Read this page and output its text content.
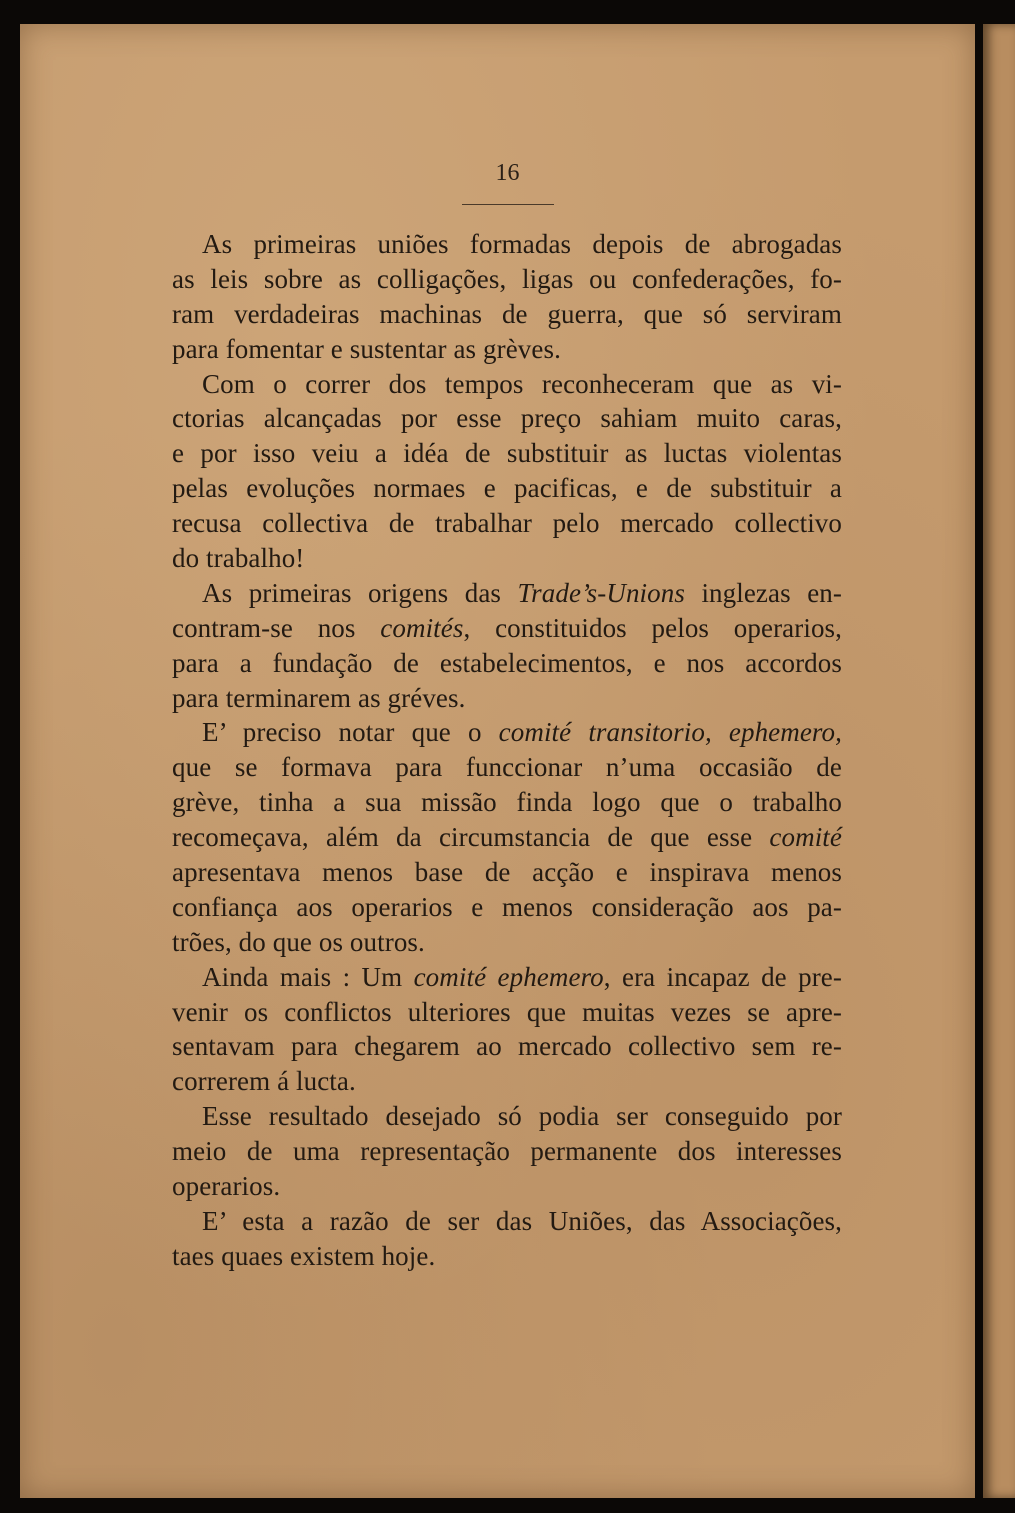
16
As primeiras uniões formadas depois de abrogadas
as leis sobre as colligações, ligas ou confederações, fo-
ram verdadeiras machinas de guerra, que só serviram
para fomentar e sustentar as grèves.
Com o correr dos tempos reconheceram que as vi-
ctorias alcançadas por esse preço sahiam muito caras,
e por isso veiu a idéa de substituir as luctas violentas
pelas evoluções normaes e pacificas, e de substituir a
recusa collectiva de trabalhar pelo mercado collectivo
do trabalho!
As primeiras origens das Trade’s-Unions inglezas en-
contram-se nos comités, constituidos pelos operarios,
para a fundação de estabelecimentos, e nos accordos
para terminarem as gréves.
E’ preciso notar que o comité transitorio, ephemero,
que se formava para funccionar n’uma occasião de
grève, tinha a sua missão finda logo que o trabalho
recomeçava, além da circumstancia de que esse comité
apresentava menos base de acção e inspirava menos
confiança aos operarios e menos consideração aos pa-
trões, do que os outros.
Ainda mais : Um comité ephemero, era incapaz de pre-
venir os conflictos ulteriores que muitas vezes se apre-
sentavam para chegarem ao mercado collectivo sem re-
correrem á lucta.
Esse resultado desejado só podia ser conseguido por
meio de uma representação permanente dos interesses
operarios.
E’ esta a razão de ser das Uniões, das Associações,
taes quaes existem hoje.
